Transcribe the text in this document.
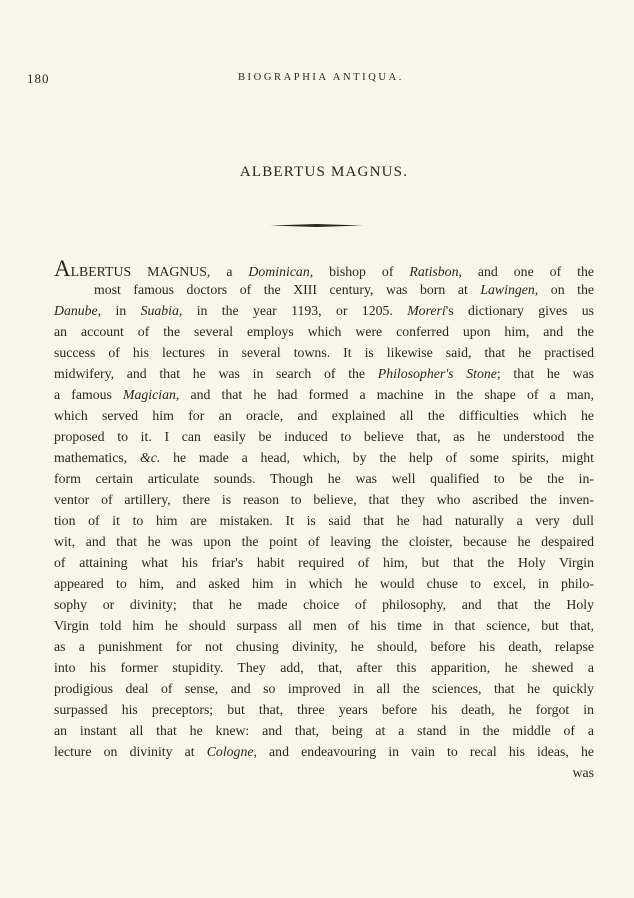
180	BIOGRAPHIA ANTIQUA.
ALBERTUS MAGNUS.
ALBERTUS MAGNUS, a Dominican, bishop of Ratisbon, and one of the
most famous doctors of the XIII century, was born at Lawingen, on the
Danube, in Suabia, in the year 1193, or 1205. Moreri's dictionary gives us
an account of the several employs which were conferred upon him, and the
success of his lectures in several towns. It is likewise said, that he practised
midwifery, and that he was in search of the Philosopher's Stone; that he was
a famous Magician, and that he had formed a machine in the shape of a man,
which served him for an oracle, and explained all the difficulties which he
proposed to it. I can easily be induced to believe that, as he understood the
mathematics, &c. he made a head, which, by the help of some spirits, might
form certain articulate sounds. Though he was well qualified to be the in-
ventor of artillery, there is reason to believe, that they who ascribed the inven-
tion of it to him are mistaken. It is said that he had naturally a very dull
wit, and that he was upon the point of leaving the cloister, because he despaired
of attaining what his friar's habit required of him, but that the Holy Virgin
appeared to him, and asked him in which he would chuse to excel, in philo-
sophy or divinity; that he made choice of philosophy, and that the Holy
Virgin told him he should surpass all men of his time in that science, but that,
as a punishment for not chusing divinity, he should, before his death, relapse
into his former stupidity. They add, that, after this apparition, he shewed a
prodigious deal of sense, and so improved in all the sciences, that he quickly
surpassed his preceptors; but that, three years before his death, he forgot in
an instant all that he knew: and that, being at a stand in the middle of a
lecture on divinity at Cologne, and endeavouring in vain to recal his ideas, he
was
